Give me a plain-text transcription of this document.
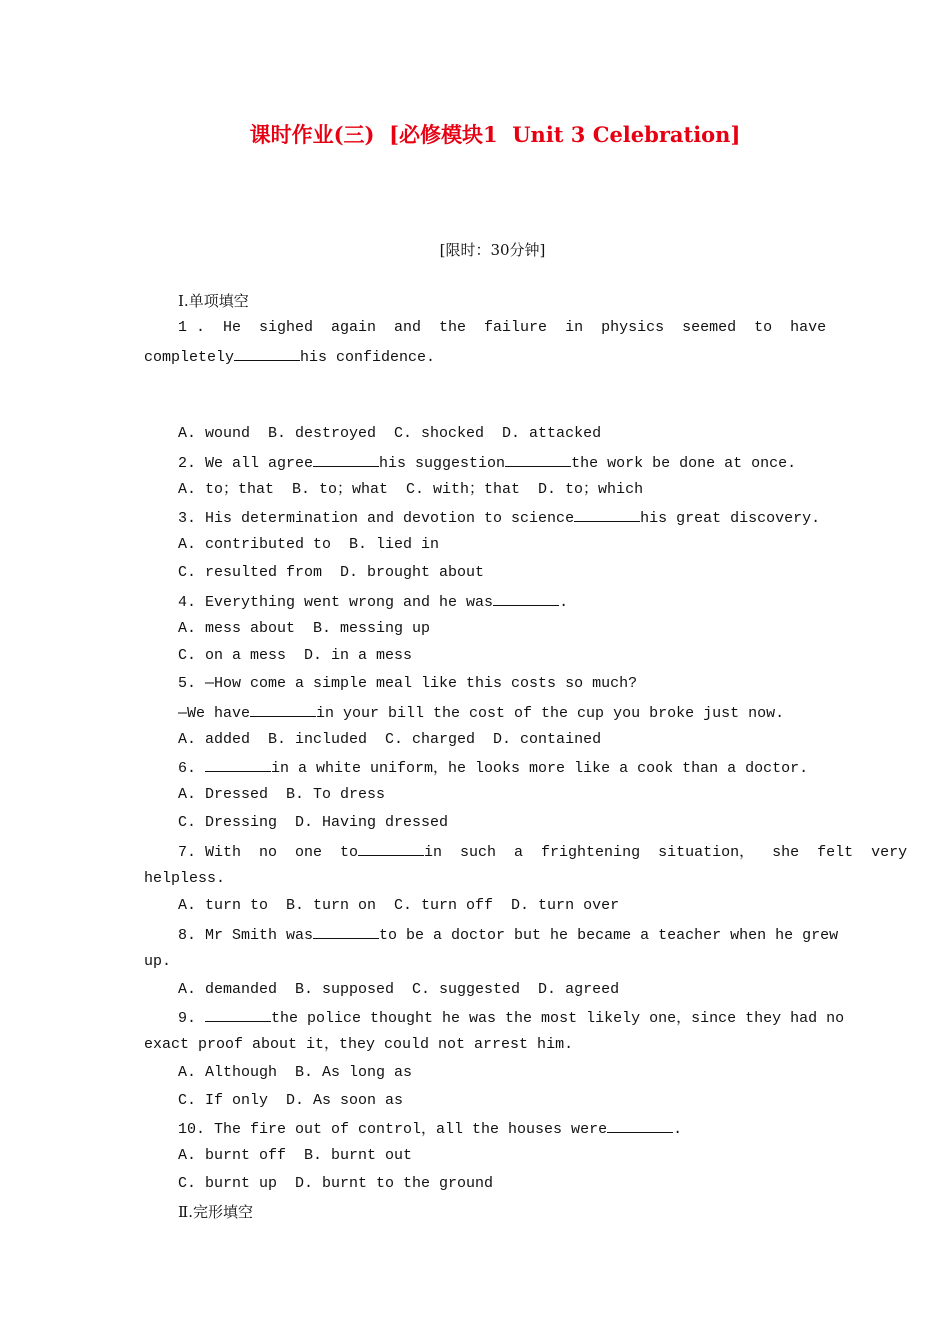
课时作业(三)  [必修模块1  Unit 3 Celebration]
[限时：30分钟]
Ⅰ.单项填空
1 .  He  sighed  again  and  the  failure  in  physics  seemed  to  have
completely	his confidence.
A. wound  B. destroyed  C. shocked  D. attacked
2. We all agree	his suggestion	the work be done at once.
A. to；that  B. to；what  C. with；that  D. to；which
3. His determination and devotion to science	his great discovery.
A. contributed to  B. lied in
C. resulted from  D. brought about
4. Everything went wrong and he was	.
A. mess about  B. messing up
C. on a mess  D. in a mess
5. —How come a simple meal like this costs so much?
—We have	in your bill the cost of the cup you broke just now.
A. added  B. included  C. charged  D. contained
6.	in a white uniform，he looks more like a cook than a doctor.
A. Dressed  B. To dress
C. Dressing  D. Having dressed
7. With  no  one  to	in  such  a  frightening  situation，  she  felt  very
helpless.
A. turn to  B. turn on  C. turn off  D. turn over
8. Mr Smith was	to be a doctor but he became a teacher when he grew
up.
A. demanded  B. supposed  C. suggested  D. agreed
9.	the police thought he was the most likely one，since they had no
exact proof about it，they could not arrest him.
A. Although  B. As long as
C. If only  D. As soon as
10. The fire out of control，all the houses were	.
A. burnt off  B. burnt out
C. burnt up  D. burnt to the ground
Ⅱ.完形填空
